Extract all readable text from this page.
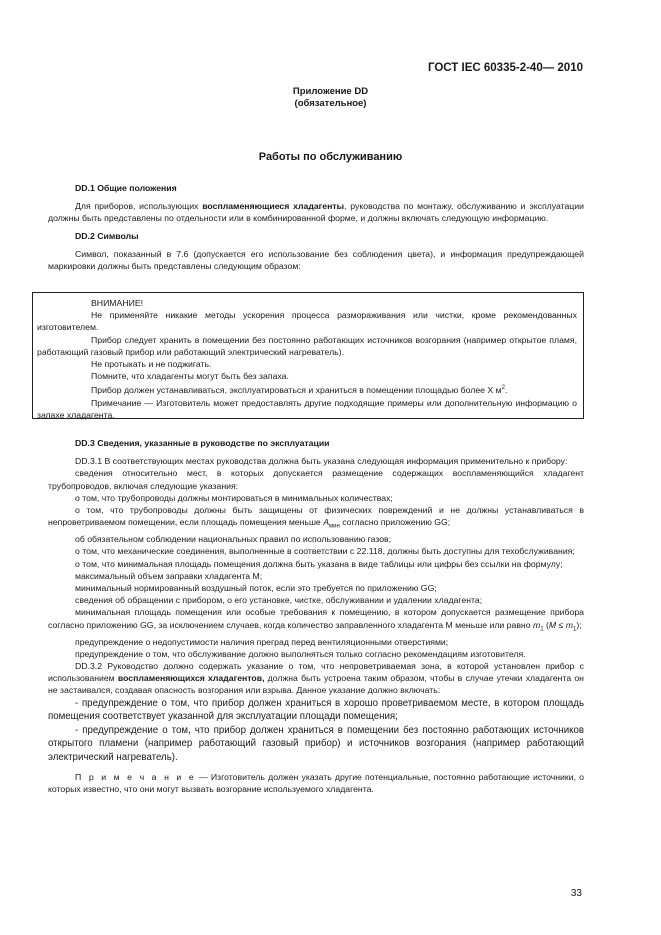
ГОСТ IEC 60335-2-40— 2010
Приложение DD
(обязательное)
Работы по обслуживанию

DD.1 Общие положения

Для приборов, использующих воспламеняющиеся хладагенты, руководства по монтажу, обслуживанию и эксплуатации должны быть представлены по отдельности или в комбинированной форме, и должны включать следующую информацию.

DD.2 Символы

Символ, показанный в 7.6 (допускается его использование без соблюдения цвета), и информация предупреждающей маркировки должны быть представлены следующим образом:

ВНИМАНИЕ!

Не применяйте никакие методы ускорения процесса размораживания или чистки, кроме рекомендованных изготовителем.

Прибор следует хранить в помещении без постоянно работающих источников возгорания (например открытое пламя, работающий газовый прибор или работающий электрический нагреватель).

Не протыкать и не поджигать.

Помните, что хладагенты могут быть без запаха.

Прибор должен устанавливаться, эксплуатироваться и храниться в помещении площадью более X $м^2$.

Примечание — Изготовитель может предоставлять другие подходящие примеры или дополнительную информацию о запахе хладагента.

DD.3 Сведения, указанные в руководстве по эксплуатации

DD.3.1 В соответствующих местах руководства должна быть указана следующая информация применительно к прибору:

сведения относительно мест, в которых допускается размещение содержащих воспламеняющийся хладагент трубопроводов, включая следующие указания:

о том, что трубопроводы должны монтироваться в минимальных количествах;

о том, что трубопроводы должны быть защищены от физических повреждений и не должны устанавливаться в непроветриваемом помещении, если площадь помещения меньше $A_{мин}$ согласно приложению GG;

об обязательном соблюдении национальных правил по использованию газов;

о том, что механические соединения, выполненные в соответствии с 22.118, должны быть доступны для техобслуживания;

о том, что минимальная площадь помещения должна быть указана в виде таблицы или цифры без ссылки на формулу;

максимальный объем заправки хладагента M;

минимальный нормированный воздушный поток, если это требуется по приложению GG;

сведения об обращении с прибором, о его установке, чистке, обслуживании и удалении хладагента;

минимальная площадь помещения или особые требования к помещению, в котором допускается размещение прибора согласно приложению GG, за исключением случаев, когда количество заправленного хладагента M меньше или равно $m_1$ $(M \le m_1)$;

предупреждение о недопустимости наличия преград перед вентиляционными отверстиями;

предупреждение о том, что обслуживание должно выполняться только согласно рекомендациям изготовителя.

DD.3.2 Руководство должно содержать указание о том, что непроветриваемая зона, в которой установлен прибор с использованием воспламеняющихся хладагентов, должна быть устроена таким образом, чтобы в случае утечки хладагента он не застаивался, создавая опасность возгорания или взрыва. Данное указание должно включать:

- предупреждение о том, что прибор должен храниться в хорошо проветриваемом месте, в котором площадь помещения соответствует указанной для эксплуатации площади помещения;

- предупреждение о том, что прибор должен храниться в помещении без постоянно работающих источников открытого пламени (например работающий газовый прибор) и источников возгорания (например работающий электрический нагреватель).

П р и м е ч а н и е — Изготовитель должен указать другие потенциальные, постоянно работающие источники, о которых известно, что они могут вызвать возгорание используемого хладагента.

33
